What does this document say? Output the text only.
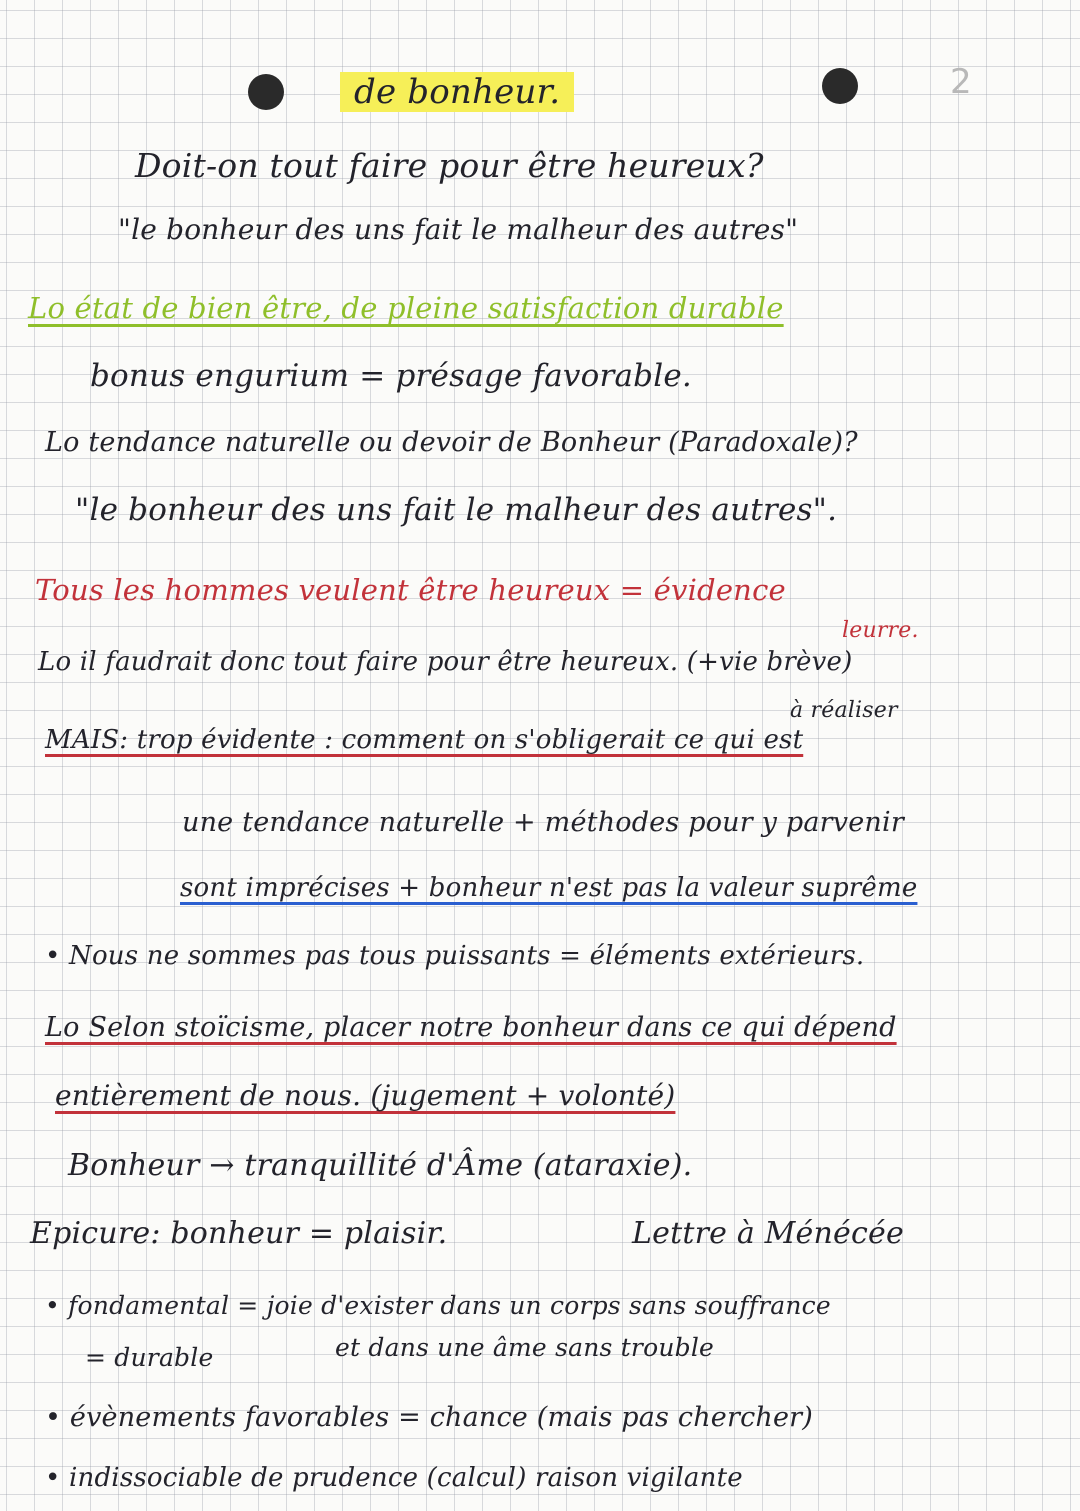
2
de bonheur.
Doit-on tout faire pour être heureux?
"le bonheur des uns fait le malheur des autres"
Lo état de bien être, de pleine satisfaction durable
bonus engurium = présage favorable.
Lo tendance naturelle ou devoir de Bonheur (Paradoxale)?
"le bonheur des uns fait le malheur des autres".
Tous les hommes veulent être heureux = évidence
leurre.
Lo il faudrait donc tout faire pour être heureux. (+vie brève)
à réaliser
MAIS: trop évidente : comment on s'obligerait ce qui est
une tendance naturelle + méthodes pour y parvenir
sont imprécises + bonheur n'est pas la valeur suprême
• Nous ne sommes pas tous puissants = éléments extérieurs.
Lo Selon stoïcisme, placer notre bonheur dans ce qui dépend
entièrement de nous. (jugement + volonté)
Bonheur → tranquillité d'Âme (ataraxie).
Epicure: bonheur = plaisir.	Lettre à Ménécée
• fondamental = joie d'exister dans un corps sans souffrance
= durable	et dans une âme sans trouble
• évènements favorables = chance (mais pas chercher)
• indissociable de prudence (calcul) raison vigilante
